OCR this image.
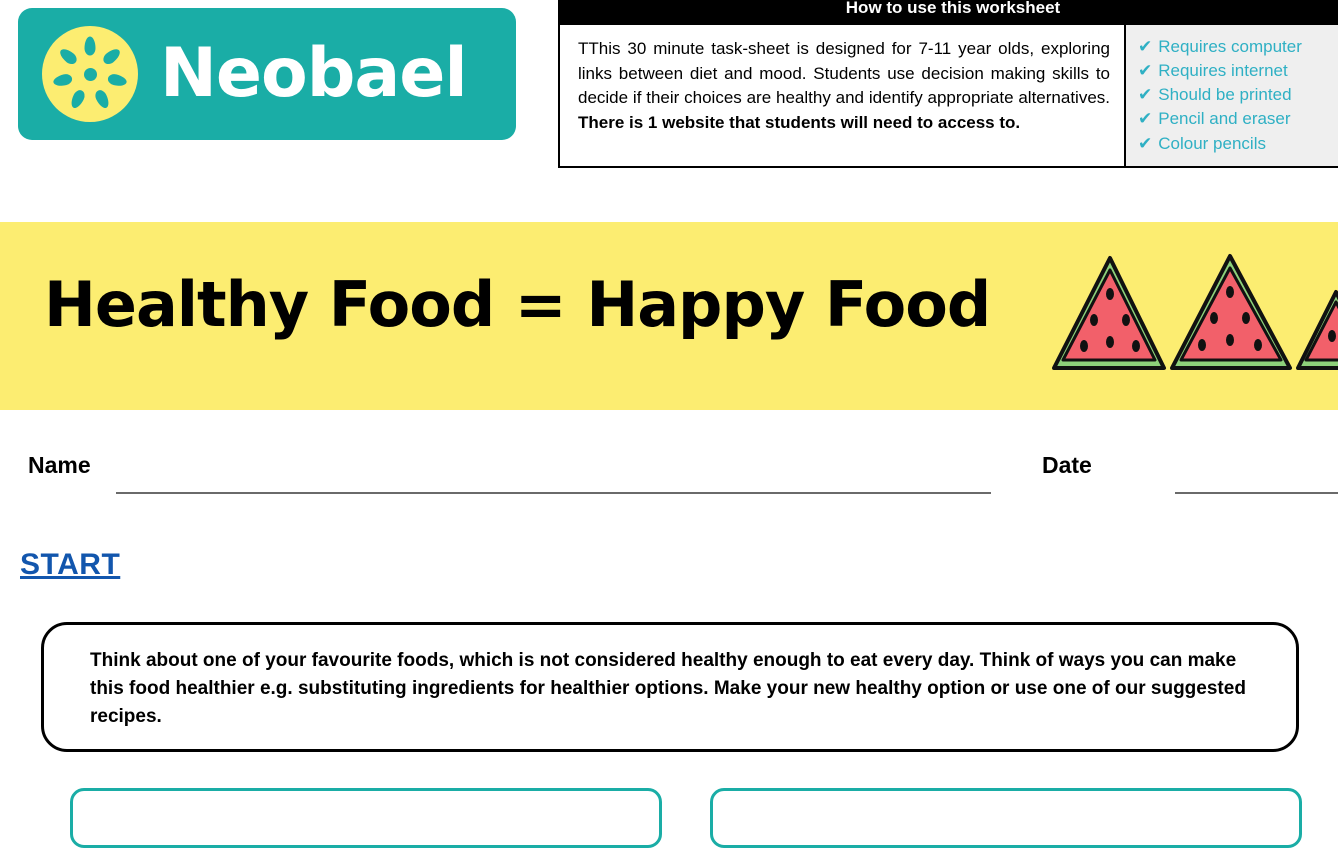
Neobael
How to use this worksheet
TThis 30 minute task-sheet is designed for 7-11 year olds, exploring links between diet and mood. Students use decision making skills to decide if their choices are healthy and identify appropriate alternatives. There is 1 website that students will need to access to.
✔ Requires computer
✔ Requires internet
✔ Should be printed
✔ Pencil and eraser
✔ Colour pencils
Healthy Food = Happy Food
Name	Date
START
Think about one of your favourite foods, which is not considered healthy enough to eat every day. Think of ways you can make this food healthier e.g. substituting ingredients for healthier options. Make your new healthy option or use one of our suggested recipes.
